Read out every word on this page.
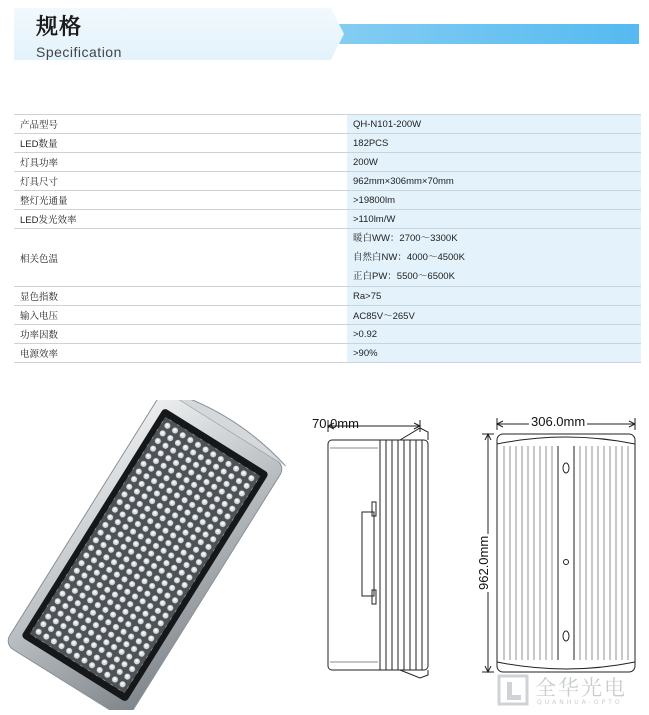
规格
Specification
产品型号	QH-N101-200W
LED数量	182PCS
灯具功率	200W
灯具尺寸	962mm×306mm×70mm
整灯光通量	>19800lm
LED发光效率	>110lm/W
相关色温	暖白WW：2700～3300K
自然白NW：4000～4500K
正白PW：5500～6500K

显色指数	Ra>75
输入电压	AC85V～265V
功率因数	>0.92
电源效率	>90%
70.0mm	306.0mm
962.0mm
全华光电
QUANHUA-OPTO
